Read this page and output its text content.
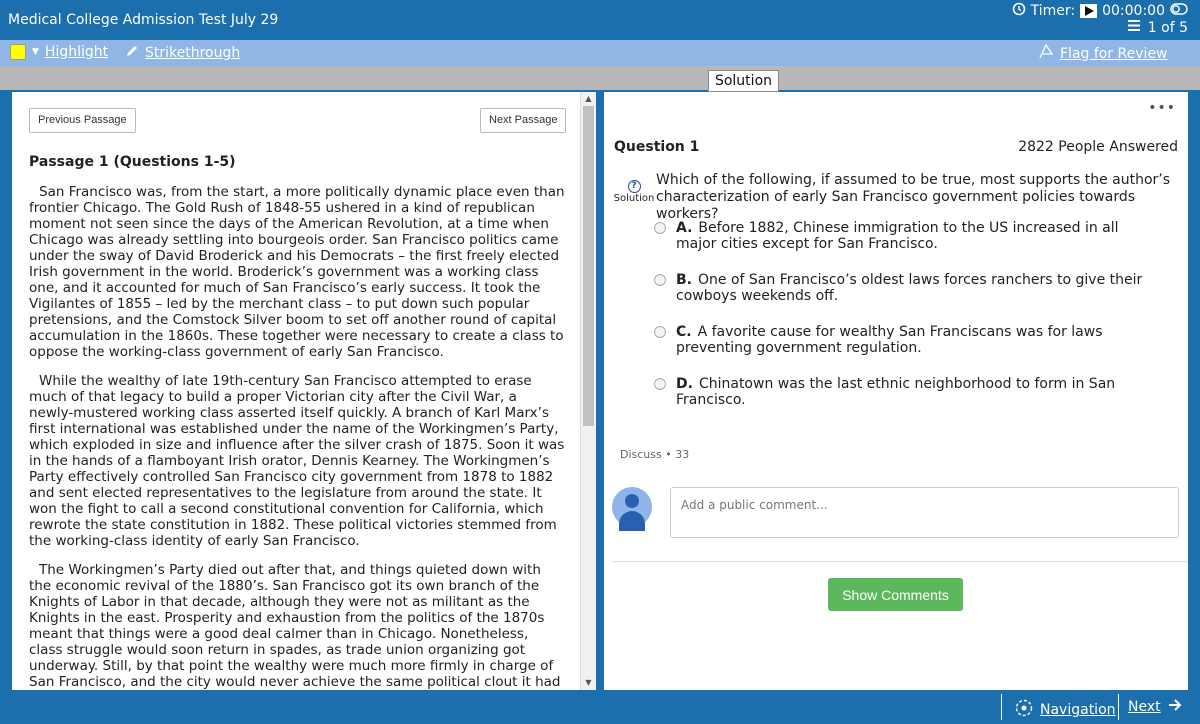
Medical College Admission Test July 29
Timer: 00:00:00
1 of 5
▼ Highlight	Strikethrough	Flag for Review
Solution
Previous Passage	Next Passage
Passage 1 (Questions 1-5)

San Francisco was, from the start, a more politically dynamic place even than frontier Chicago. The Gold Rush of 1848-55 ushered in a kind of republican moment not seen since the days of the American Revolution, at a time when Chicago was already settling into bourgeois order. San Francisco politics came under the sway of David Broderick and his Democrats – the first freely elected Irish government in the world. Broderick’s government was a working class one, and it accounted for much of San Francisco’s early success. It took the Vigilantes of 1855 – led by the merchant class – to put down such popular pretensions, and the Comstock Silver boom to set off another round of capital accumulation in the 1860s. These together were necessary to create a class to oppose the working-class government of early San Francisco.

While the wealthy of late 19th-century San Francisco attempted to erase much of that legacy to build a proper Victorian city after the Civil War, a newly-mustered working class asserted itself quickly. A branch of Karl Marx’s first international was established under the name of the Workingmen’s Party, which exploded in size and influence after the silver crash of 1875. Soon it was in the hands of a flamboyant Irish orator, Dennis Kearney. The Workingmen’s Party effectively controlled San Francisco city government from 1878 to 1882 and sent elected representatives to the legislature from around the state. It won the fight to call a second constitutional convention for California, which rewrote the state constitution in 1882. These political victories stemmed from the working-class identity of early San Francisco.

The Workingmen’s Party died out after that, and things quieted down with the economic revival of the 1880’s. San Francisco got its own branch of the Knights of Labor in that decade, although they were not as militant as the Knights in the east. Prosperity and exhaustion from the politics of the 1870s meant that things were a good deal calmer than in Chicago. Nonetheless, class struggle would soon return in spades, as trade union organizing got underway. Still, by that point the wealthy were much more firmly in charge of San Francisco, and the city would never achieve the same political clout it had

▲
▼
•••
Question 1	2822 People Answered
?
Solution
Which of the following, if assumed to be true, most supports the author’s characterization of early San Francisco government policies towards workers?
A. Before 1882, Chinese immigration to the US increased in all major cities except for San Francisco.
B. One of San Francisco’s oldest laws forces ranchers to give their cowboys weekends off.
C. A favorite cause for wealthy San Franciscans was for laws preventing government regulation.
D. Chinatown was the last ethnic neighborhood to form in San Francisco.
Discuss • 33
Add a public comment...
Show Comments
Navigation Next
